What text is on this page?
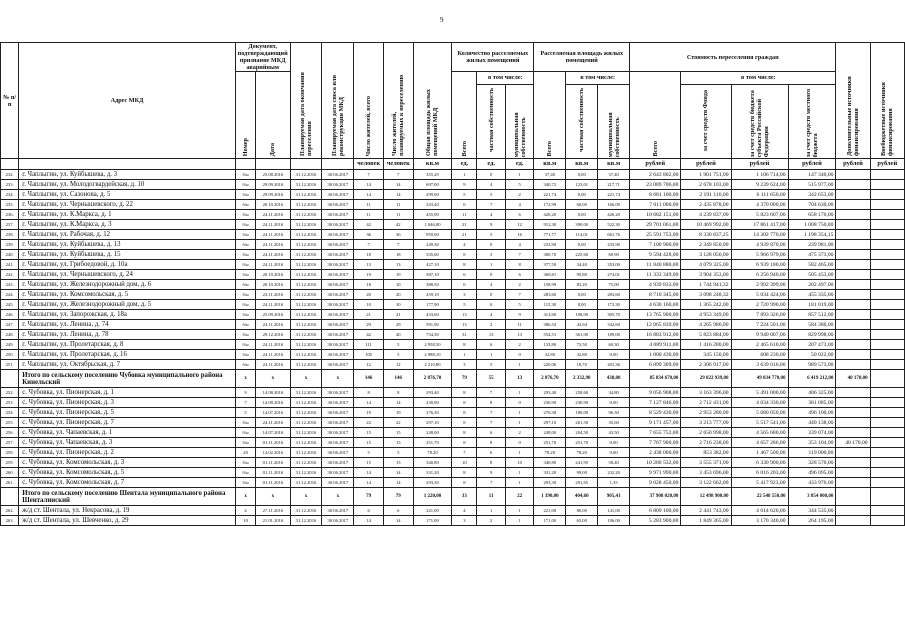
9
№ п/п	Адрес МКД	Документ, подтверждающий признание МКД аварийным		Планируемая дата окончания переселения	Планируемая дата сноса или реконструкции МКД	Число жителей, всего	Число жителей, планируемых к переселению	Общая площадь жилых помещений МКД	Количество расселяемых жилых помещений			Расселяемая площадь жилых помещений			Стоимость переселения граждан				Дополнительные источники финансирования	Внебюджетные источники финансирования
		Номер	Дата						Всего	в том числе:		Всего	в том числе:		Всего	в том числе:				
										частная собственность	муниципальная собственность		частная собственность	муниципальная собственность		за счет средств Фонда	за счет средств бюджета субъекта Российской Федерации	за счет средств местного бюджета		
						человек	человек	кв.м	ед.	ед.	ед.	кв.м	кв.м	кв.м	рублей	рублей	рублей	рублей	рублей	рублей
232.	г. Чаплыгин, ул. Куйбышева, д. 3	б/н	25.08.2016	31.12.2016	30.06.2017	7	7	355,20	1	0	1	37,40	0,00	37,40	2 643 802,00	1 901 751,00	1 106 714,00	147 340,00		
233.	г. Чаплыгин, ул. Молодогвардейская, д. 10	б/н	29.09.2016	31.12.2016	30.06.2017	14	14	697,00	9	4	5	340,72	123,01	217,71	23 089 706,00	2 678 103,00	9 239 624,00	515 977,00		
234.	г. Чаплыгин, ул. Сазонова, д. 5	б/н	29.09.2016	31.12.2016	30.06.2017	14	14	299,00	5	5	2	221,74	0,00	221,74	8 681 100,00	2 191 116,00	6 111 650,00	342 653,00		
235.	г. Чаплыгин, ул. Чернышевского, д. 22	б/н	20.10.2016	31.12.2016	30.06.2017	11	11	343,40	6	7	4	172,99	60,00	166,00	7 011 000,00	2 435 878,00	4 370 000,00	704 630,00		
236.	г. Чаплыгин, ул. К.Маркса, д. 1	б/н	24.11.2016	31.12.2016	30.06.2017	11	11	455,90	11	4	6	426,20	0,00	426,20	10 682 151,00	4 239 837,00	5 823 607,00	658 176,00		
237.	г. Чаплыгин, ул. К.Маркса, д. 3	б/н	24.11.2016	31.12.2016	30.06.2017	42	42	1 046,00	21	9	12	912,30	390,00	522,30	29 701 061,00	10 469 992,00	17 861 417,00	1 008 750,00		
238.	г. Чаплыгин, ул. Рабочая, д. 12	б/н	24.11.2016	31.12.2016	30.06.2017	36	36	950,00	21	5	16	771,77	114,01	661,76	25 591 753,00	8 330 837,25	14 302 770,00	1 198 354,15		
239.	г. Чаплыгин, ул. Куйбышева, д. 13	б/н	24.11.2016	31.12.2016	30.06.2017	7	7	249,30	4	0	4	233,90	0,00	233,90	7 100 900,00	2 349 850,00	4 939 870,00	239 981,00		
240.	г. Чаплыгин, ул. Куйбышева, д. 15	б/н	24.11.2016	31.12.2016	30.06.2017	18	18	335,60	8	3	7	300,70	225,60	69,90	9 594 428,00	3 128 056,00	5 966 979,00	475 373,00		
241.	г. Чаплыгин, ул. Грибоедовой, д. 10а	б/н	24.11.2016	31.12.2016	30.06.2017	13	13	427,10	8	1	8	377,50	34,40	353,00	11 840 880,00	4 079 325,00	6 939 180,00	582 465,00		
242.	г. Чаплыгин, ул. Чернышевского, д. 24	б/н	20.10.2016	31.12.2016	30.06.2017	19	19	387,10	6	0	6	369,81	95,80	274,01	11 333 349,00	3 904 353,00	6 256 940,00	505 453,00		
243.	г. Чаплыгин, ул. Железнодорожный дом, д. 6	б/н	20.10.2016	31.12.2016	30.06.2017	18	10	388,50	6	4	2	158,99	83,20	75,00	4 939 833,00	1 744 941,32	2 992 399,00	202 497,00		
244.	г. Чаплыгин, ул. Комсомольская, д. 5	б/н	23.11.2016	31.12.2016	30.06.2017	20	20	259,10	3	0	7	283,60	0,00	283,60	8 710 345,00	3 098 248,32	5 034 424,00	455 335,00		
245.	г. Чаплыгин, ул. Железнодорожный дом, д. 5	б/н	24.11.2016	31.12.2016	30.06.2017	10	10	177,90	5	0	5	115,30	8,00	173,30	4 630 160,00	1 365 242,00	2 720 990,00	181 019,00		
246.	г. Чаплыгин, ул. Запорожская, д. 18а	б/н	25.09.2016	31.12.2016	30.06.2017	21	21	433,60	13	4	9	413,60	108,00	305,70	13 765 900,00	4 953 349,00	7 893 326,00	857 512,00		
247.	г. Чаплыгин, ул. Ленина, д. 74	б/н	24.11.2016	31.12.2016	30.06.2017	29	29	591,90	13	2	11	386,54	43,94	342,60	12 065 839,00	4 265 986,00	7 224 501,00	584 386,00		
248.	г. Чаплыгин, ул. Ленина, д. 78	б/н	29.12.2016	31.12.2016	30.06.2017	42	40	734,30	31	13	13	554,51	361,00	189,00	16 883 912,00	5 823 884,00	9 940 007,00	829 998,00		
249.	г. Чаплыгин, ул. Пролетарская, д. 8	б/н	24.11.2016	31.12.2016	30.06.2017	111	5	2 958,50	8	6	2	133,80	73,50	60,30	4 089 911,00	1 416 280,00	2 465 610,00	207 473,00		
250.	г. Чаплыгин, ул. Пролетарская, д. 16	б/н	24.11.2016	31.12.2016	30.06.2017	105	5	2 988,10	1	1	0	32,80	32,80	0,00	1 000 430,00	345 150,00	608 230,00	50 022,00		
251.	г. Чаплыгин, ул. Октябрьская, д. 7	б/н	24.11.2016	31.12.2016	30.06.2017	12	12	2 210,80	3	5	1	220,06	18,70	201,36	6 899 309,00	2 306 917,00	3 639 016,00	989 573,00		
	Итого по сельскому поселению Чубовка муниципального района Кинельский	х	х	х	х	146	146	2 876,70	79	55	13	2 876,70	2 332,90	438,80	85 834 670,00	29 822 939,00	49 034 770,00	6 419 212,00	40 170,00	
252.	с. Чубовка, ул. Пионерская, д. 1	9	14.08.2016	31.12.2016	30.06.2017	8	8	293,40	8	7	1	293,40	258,60	34,80	9 056 908,00	3 163 396,00	5 491 000,00	406 325,00		
253.	с. Чубовка, ул. Пионерская, д. 3	7	14.08.2016	31.12.2016	30.06.2017	14	14	230,90	8	8	0	230,90	230,90	0,00	7 127 846,00	2 712 431,00	4 034 330,00	381 085,00		
254.	с. Чубовка, ул. Пионерская, д. 5	5	14.07.2016	31.12.2016	30.06.2017	19	19	276,30	8	7	1	276,30	180,00	96,30	8 529 430,00	2 953 280,00	5 080 050,00	496 100,00		
255.	с. Чубовка, ул. Пионерская, д. 7	б/н	24.11.2016	31.12.2016	30.06.2017	22	22	297,10	8	7	1	297,10	261,50	35,60	9 171 457,00	3 213 777,00	5 517 541,00	440 138,00		
256.	с. Чубовка, ул. Чапаевская, д. 1	б/н	14.07.2016	31.12.2016	30.06.2017	15	15	248,00	8	6	2	248,00	204,50	43,50	7 655 752,00	2 650 998,00	4 565 680,00	339 074,00		
257.	с. Чубовка, ул. Чапаевская, д. 3	б/н	01.11.2016	31.12.2016	30.06.2017	15	15	251,70	8	8	0	251,70	251,70	0,00	7 767 900,00	2 716 238,00	4 657 286,00	353 104,00	40 170,00	
258.	с. Чубовка, ул. Пионерская, д. 2	20	14.02.2016	31.12.2016	30.06.2017	5	5	78,20	7	6	1	78,20	78,20	0,00	2 438 000,00	853 382,00	1 467 500,00	119 000,00		
259.	с. Чубовка, ул. Комсомольская, д. 3	б/н	01.11.2016	31.12.2016	30.06.2017	15	13	340,80	10	8	10	340,80	241,95	58,40	10 280 532,00	3 555 371,00	6 330 900,00	328 570,00		
260.	с. Чубовка, ул. Комсомольская, д. 5	б/н	01.11.2016	31.12.2016	30.06.2017	14	14	331,20	8	9	1	331,20	99,00	232,20	9 971 990,00	3 453 696,00	6 016 203,00	496 095,00		
261.	с. Чубовка, ул. Комсомольская, д. 7	б/н	01.11.2016	31.12.2016	30.06.2017	14	14	293,30	8	7	1	293,30	291,65	1,35	9 028 450,00	3 122 662,00	5 417 923,00	433 976,00		
	Итого по сельскому поселению Шентала муниципального района Шенталинский	х	х	х	х	79	79	1 220,00	33	11	22	1 390,00	404,60	905,41	37 908 020,00	12 498 900,00	22 548 550,00	3 854 000,00		
262.	ж/д ст. Шентала, ул. Некрасова, д. 19	4	27.11.2016	31.12.2016	30.06.2017	6	6	221,00	4	1	1	221,00	80,00	141,00	6 809 100,00	2 441 743,00	4 014 626,00	344 535,00		
263.	ж/д ст. Шентала, ул. Шевченко, д. 29	10	21.01.2016	31.12.2016	30.06.2017	14	14	171,00	3	2	1	171,00	65,00	106,00	5 283 900,00	1 849 365,00	3 170 340,00	264 195,00		
